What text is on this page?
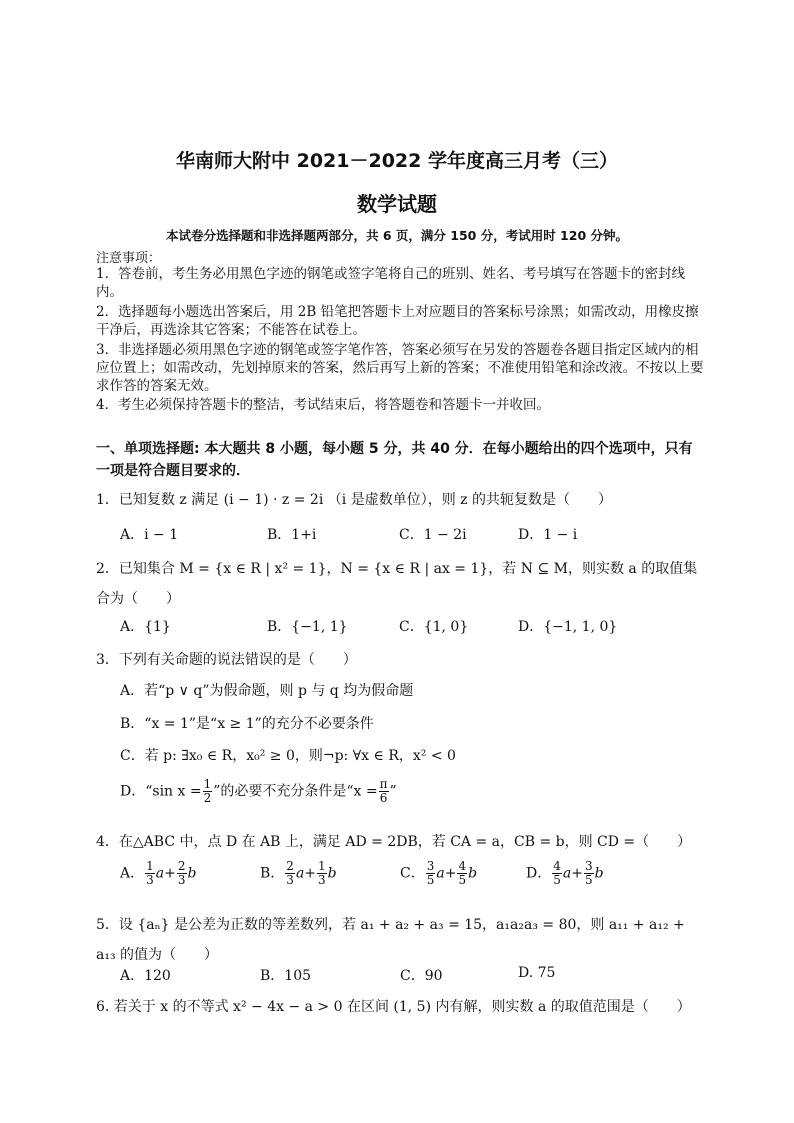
华南师大附中 2021－2022 学年度高三月考（三）
数学试题
本试卷分选择题和非选择题两部分，共 6 页，满分 150 分，考试用时 120 分钟。
注意事项：
1．答卷前，考生务必用黑色字迹的钢笔或签字笔将自己的班别、姓名、考号填写在答题卡的密封线内。
2．选择题每小题选出答案后，用 2B 铅笔把答题卡上对应题目的答案标号涂黑；如需改动，用橡皮擦干净后，再选涂其它答案；不能答在试卷上。
3．非选择题必须用黑色字迹的钢笔或签字笔作答，答案必须写在另发的答题卷各题目指定区域内的相应位置上；如需改动，先划掉原来的答案，然后再写上新的答案；不准使用铅笔和涂改液。不按以上要求作答的答案无效。
4．考生必须保持答题卡的整洁，考试结束后，将答题卷和答题卡一并收回。
一、单项选择题: 本大题共 8 小题，每小题 5 分，共 40 分．在每小题给出的四个选项中，只有一项是符合题目要求的．
1．已知复数 z 满足 (i − 1) · z = 2i （i 是虚数单位），则 z 的共轭复数是（　　）
A．i − 1	B．1+i	C．1 − 2i	D．1 − i
2．已知集合 M = {x ∈ R | x² = 1}，N = {x ∈ R | ax = 1}，若 N ⊆ M，则实数 a 的取值集合为（　　）
A．{1}	B．{−1, 1}	C．{1, 0}	D．{−1, 1, 0}
3．下列有关命题的说法错误的是（　　）
A．若“p ∨ q”为假命题，则 p 与 q 均为假命题
B．“x = 1”是“x ≥ 1”的充分不必要条件
C．若 p: ∃x₀ ∈ R，x₀² ≥ 0，则¬p: ∀x ∈ R，x² < 0
D．“sin $x = \frac{1}{2}$ ”的必要不充分条件是“$x = \frac{\pi}{6}$ ”
4．在△ABC 中，点 D 在 AB 上，满足 AD = 2DB，若 CA = a，CB = b，则 CD =（　　）
A． $\frac{1}{3} a+ \frac{2}{3}$ b	B． $\frac{2}{3} a+ \frac{1}{3}$ b	C． $\frac{3}{5} a+ \frac{4}{5}$ b	D． $\frac{4}{5} a+ \frac{3}{5}$ b
5．设 {aₙ} 是公差为正数的等差数列，若 a₁ + a₂ + a₃ = 15，a₁a₂a₃ = 80，则 a₁₁ + a₁₂ + a₁₃ 的值为（　　）
A．120	B．105	C．90	D. 75
6. 若关于 x 的不等式 x² − 4x − a > 0 在区间 (1, 5) 内有解，则实数 a 的取值范围是（　　）
